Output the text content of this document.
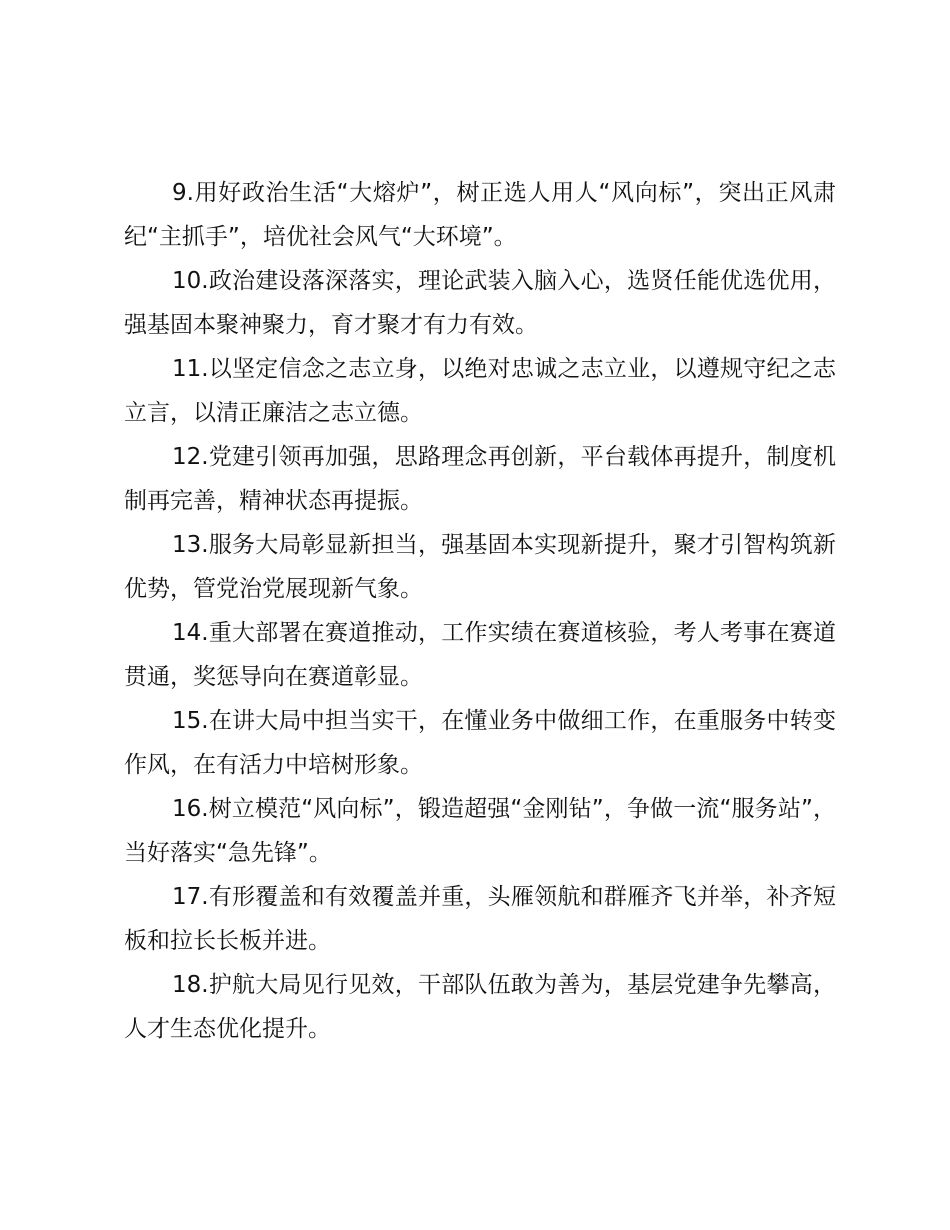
9.用好政治生活“大熔炉”，树正选人用人“风向标”，突出正风肃纪“主抓手”，培优社会风气“大环境”。

10.政治建设落深落实，理论武装入脑入心，选贤任能优选优用，强基固本聚神聚力，育才聚才有力有效。

11.以坚定信念之志立身，以绝对忠诚之志立业，以遵规守纪之志立言，以清正廉洁之志立德。

12.党建引领再加强，思路理念再创新，平台载体再提升，制度机制再完善，精神状态再提振。

13.服务大局彰显新担当，强基固本实现新提升，聚才引智构筑新优势，管党治党展现新气象。

14.重大部署在赛道推动，工作实绩在赛道核验，考人考事在赛道贯通，奖惩导向在赛道彰显。

15.在讲大局中担当实干，在懂业务中做细工作，在重服务中转变作风，在有活力中培树形象。

16.树立模范“风向标”，锻造超强“金刚钻”，争做一流“服务站”，当好落实“急先锋”。

17.有形覆盖和有效覆盖并重，头雁领航和群雁齐飞并举，补齐短板和拉长长板并进。

18.护航大局见行见效，干部队伍敢为善为，基层党建争先攀高，人才生态优化提升。
